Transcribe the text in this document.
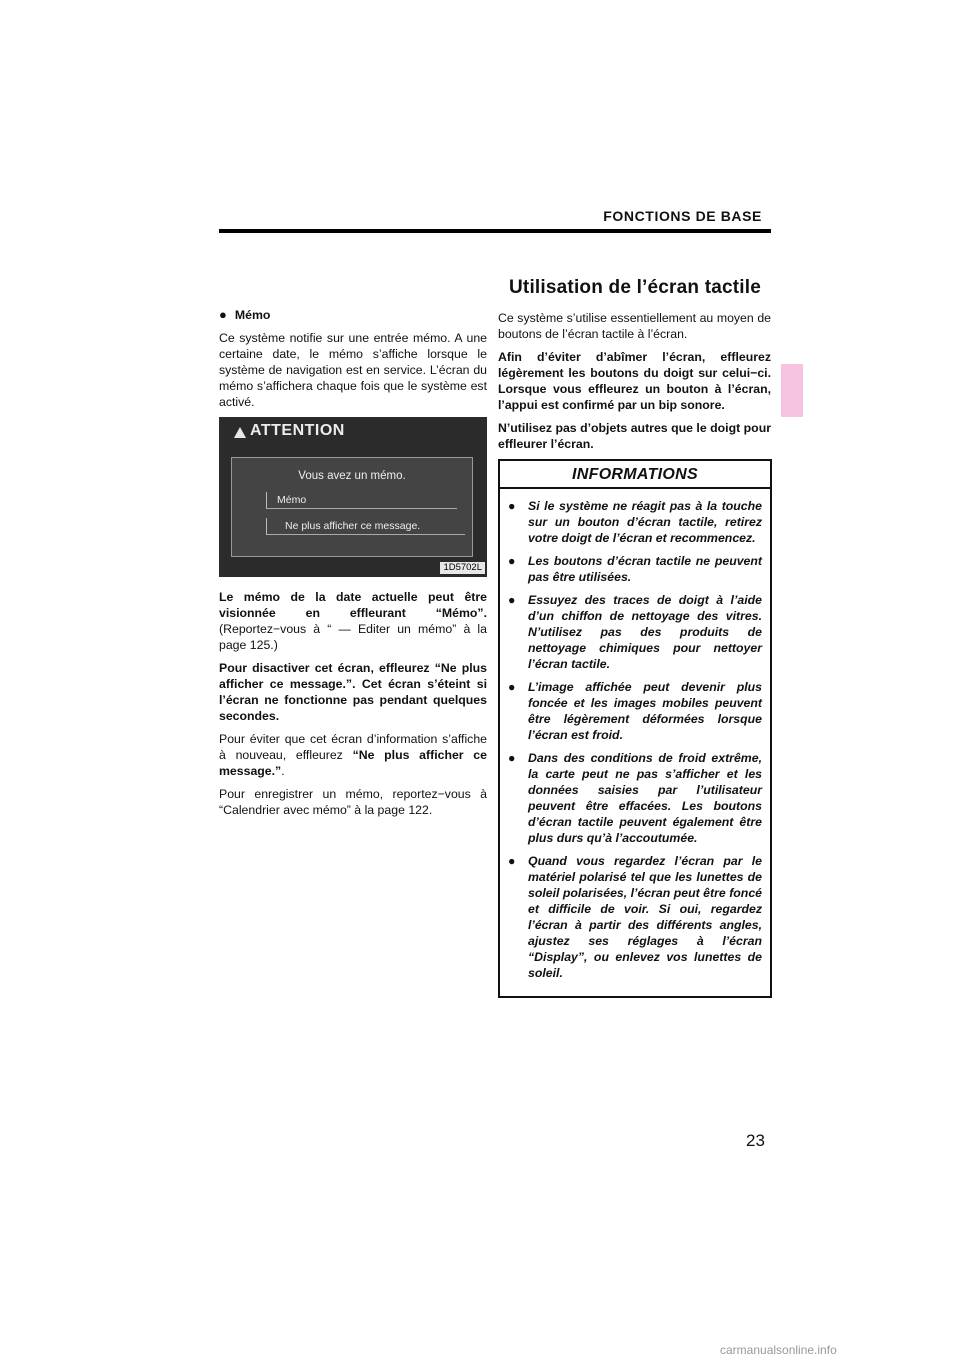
FONCTIONS DE BASE
Utilisation de l’écran tactile
● Mémo

Ce système notifie sur une entrée mémo. A une certaine date, le mémo s’affiche lorsque le système de navigation est en service. L’écran du mémo s’affichera chaque fois que le système est activé.

ATTENTION
Vous avez un mémo.
Mémo
Ne plus afficher ce message.
1D5702L

Le mémo de la date actuelle peut être visionnée en effleurant “Mémo”. (Reportez−vous à “ — Editer un mémo” à la page 125.)

Pour disactiver cet écran, effleurez “Ne plus afficher ce message.”. Cet écran s’éteint si l’écran ne fonctionne pas pendant quelques secondes.

Pour éviter que cet écran d’information s’affiche à nouveau, effleurez “Ne plus afficher ce message.”.

Pour enregistrer un mémo, reportez−vous à “Calendrier avec mémo” à la page 122.

Ce système s’utilise essentiellement au moyen de boutons de l’écran tactile à l’écran.

Afin d’éviter d’abîmer l’écran, effleurez légèrement les boutons du doigt sur celui−ci. Lorsque vous effleurez un bouton à l’écran, l’appui est confirmé par un bip sonore.

N’utilisez pas d’objets autres que le doigt pour effleurer l’écran.

INFORMATIONS
● Si le système ne réagit pas à la touche sur un bouton d’écran tactile, retirez votre doigt de l’écran et recommencez.
● Les boutons d’écran tactile ne peuvent pas être utilisées.
● Essuyez des traces de doigt à l’aide d’un chiffon de nettoyage des vitres. N’utilisez pas des produits de nettoyage chimiques pour nettoyer l’écran tactile.
● L’image affichée peut devenir plus foncée et les images mobiles peuvent être légèrement déformées lorsque l’écran est froid.
● Dans des conditions de froid extrême, la carte peut ne pas s’afficher et les données saisies par l’utilisateur peuvent être effacées. Les boutons d’écran tactile peuvent également être plus durs qu’à l’accoutumée.
● Quand vous regardez l’écran par le matériel polarisé tel que les lunettes de soleil polarisées, l’écran peut être foncé et difficile de voir. Si oui, regardez l’écran à partir des différents angles, ajustez ses réglages à l’écran “Display”, ou enlevez vos lunettes de soleil.
23
carmanualsonline.info
